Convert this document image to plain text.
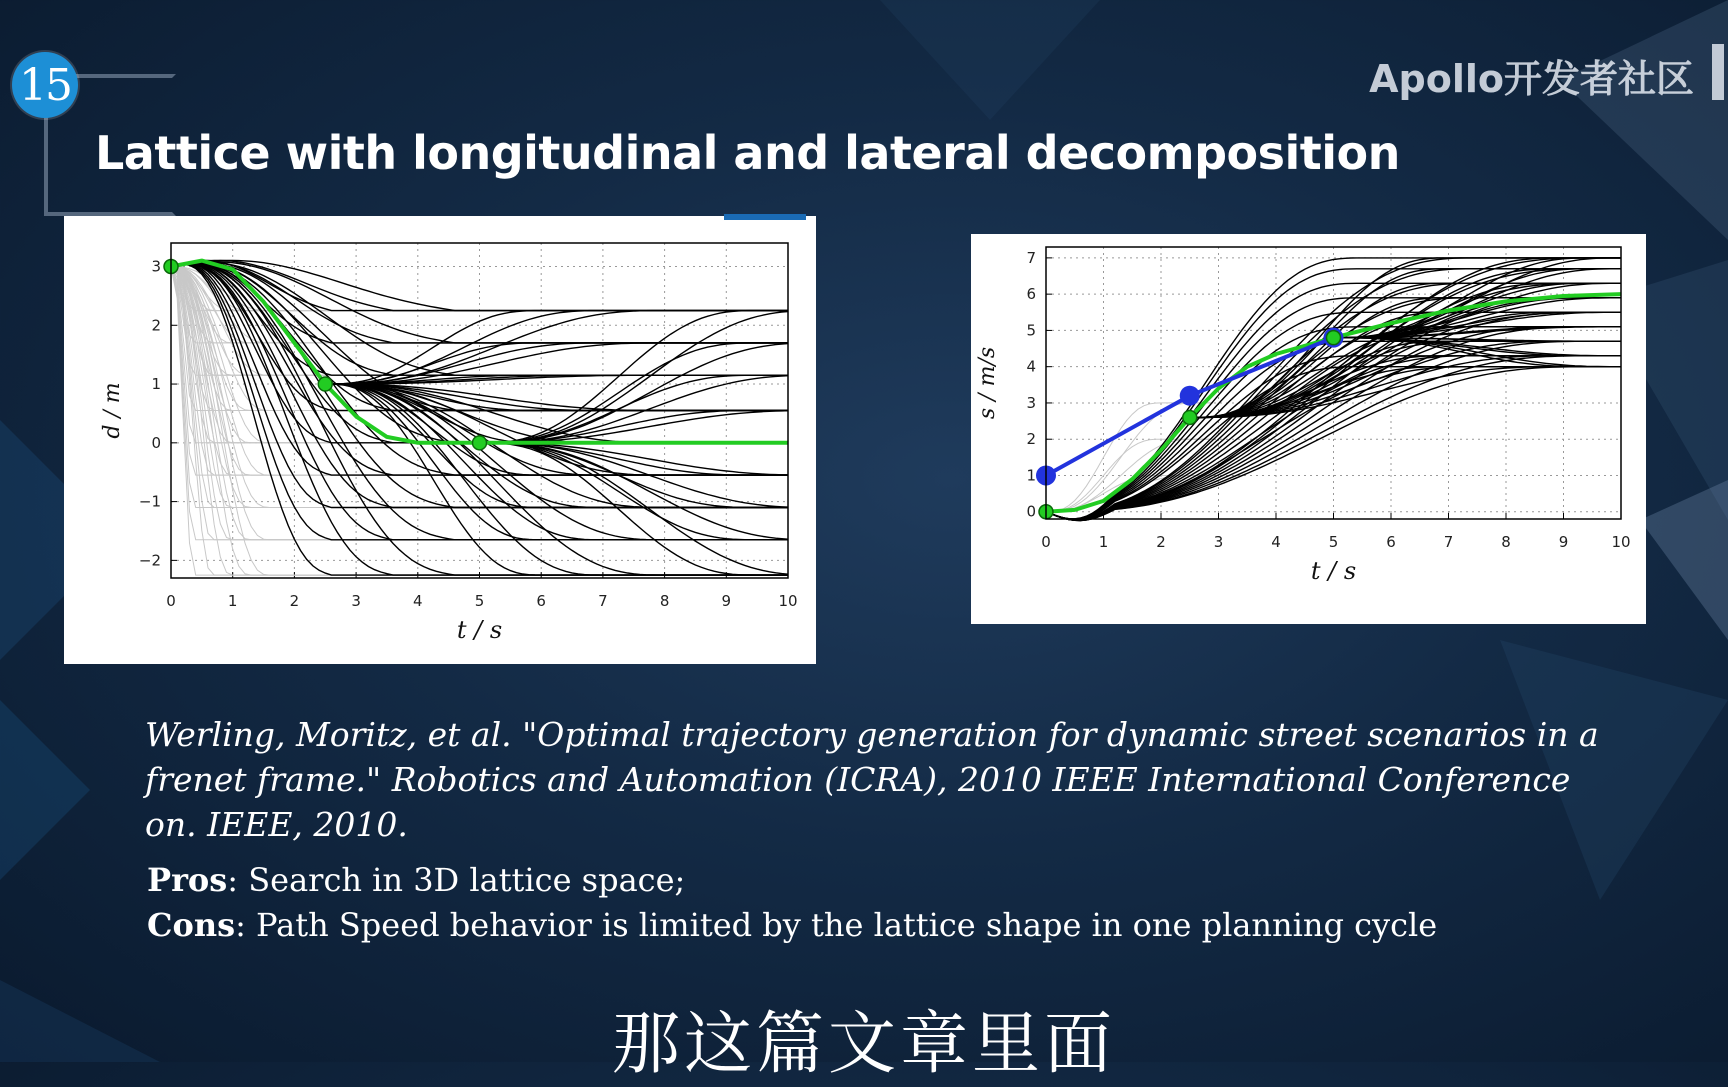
15
Lattice with longitudinal and lateral decomposition
Apollo开发者社区
0	1	2	3	4	5	6	7	8	9	10
3
2
1
0
−1
−2
t / s
d / m
0	1	2	3	4	5	6	7	8	9	10
7
6
5
4
3
2
1
0
t / s
s / m/s
Werling, Moritz, et al. "Optimal trajectory generation for dynamic street scenarios in a frenet frame." Robotics and Automation (ICRA), 2010 IEEE International Conference on. IEEE, 2010.
Pros: Search in 3D lattice space;
Cons: Path Speed behavior is limited by the lattice shape in one planning cycle
那这篇文章里面
